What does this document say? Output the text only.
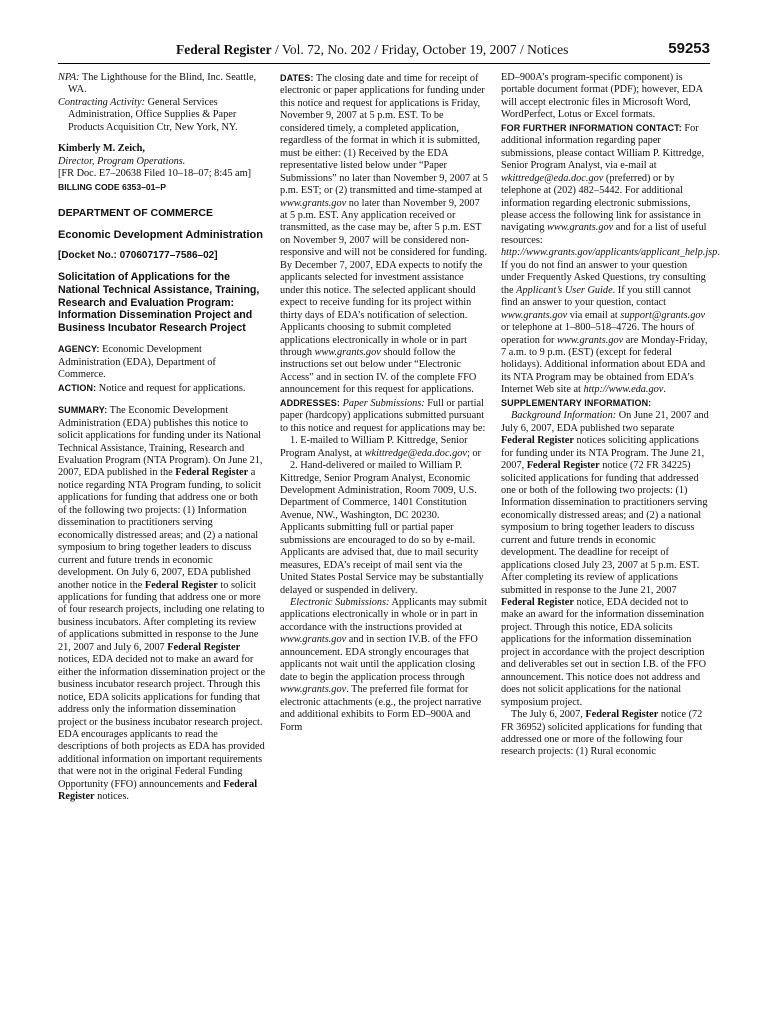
Federal Register / Vol. 72, No. 202 / Friday, October 19, 2007 / Notices	59253

NPA: The Lighthouse for the Blind, Inc. Seattle, WA.

Contracting Activity: General Services Administration, Office Supplies & Paper Products Acquisition Ctr, New York, NY.

Kimberly M. Zeich,

Director, Program Operations.

[FR Doc. E7–20638 Filed 10–18–07; 8:45 am]

BILLING CODE 6353–01–P

DEPARTMENT OF COMMERCE

Economic Development Administration

[Docket No.: 070607177–7586–02]

Solicitation of Applications for the National Technical Assistance, Training, Research and Evaluation Program: Information Dissemination Project and Business Incubator Research Project

AGENCY: Economic Development Administration (EDA), Department of Commerce.

ACTION: Notice and request for applications.

SUMMARY: The Economic Development Administration (EDA) publishes this notice to solicit applications for funding under its National Technical Assistance, Training, Research and Evaluation Program (NTA Program). On June 21, 2007, EDA published in the Federal Register a notice regarding NTA Program funding, to solicit applications for funding that address one or both of the following two projects: (1) Information dissemination to practitioners serving economically distressed areas; and (2) a national symposium to bring together leaders to discuss current and future trends in economic development. On July 6, 2007, EDA published another notice in the Federal Register to solicit applications for funding that address one or more of four research projects, including one relating to business incubators. After completing its review of applications submitted in response to the June 21, 2007 and July 6, 2007 Federal Register notices, EDA decided not to make an award for either the information dissemination project or the business incubator research project. Through this notice, EDA solicits applications for funding that address only the information dissemination project or the business incubator research project. EDA encourages applicants to read the descriptions of both projects as EDA has provided additional information on important requirements that were not in the original Federal Funding Opportunity (FFO) announcements and Federal Register notices.

DATES: The closing date and time for receipt of electronic or paper applications for funding under this notice and request for applications is Friday, November 9, 2007 at 5 p.m. EST. To be considered timely, a completed application, regardless of the format in which it is submitted, must be either: (1) Received by the EDA representative listed below under “Paper Submissions” no later than November 9, 2007 at 5 p.m. EST; or (2) transmitted and time-stamped at www.grants.gov no later than November 9, 2007 at 5 p.m. EST. Any application received or transmitted, as the case may be, after 5 p.m. EST on November 9, 2007 will be considered non-responsive and will not be considered for funding. By December 7, 2007, EDA expects to notify the applicants selected for investment assistance under this notice. The selected applicant should expect to receive funding for its project within thirty days of EDA’s notification of selection. Applicants choosing to submit completed applications electronically in whole or in part through www.grants.gov should follow the instructions set out below under “Electronic Access” and in section IV. of the complete FFO announcement for this request for applications.

ADDRESSES: Paper Submissions: Full or partial paper (hardcopy) applications submitted pursuant to this notice and request for applications may be:

1. E-mailed to William P. Kittredge, Senior Program Analyst, at wkittredge@eda.doc.gov; or

2. Hand-delivered or mailed to William P. Kittredge, Senior Program Analyst, Economic Development Administration, Room 7009, U.S. Department of Commerce, 1401 Constitution Avenue, NW., Washington, DC 20230.

Applicants submitting full or partial paper submissions are encouraged to do so by e-mail. Applicants are advised that, due to mail security measures, EDA’s receipt of mail sent via the United States Postal Service may be substantially delayed or suspended in delivery.

Electronic Submissions: Applicants may submit applications electronically in whole or in part in accordance with the instructions provided at www.grants.gov and in section IV.B. of the FFO announcement. EDA strongly encourages that applicants not wait until the application closing date to begin the application process through www.grants.gov. The preferred file format for electronic attachments (e.g., the project narrative and additional exhibits to Form ED–900A and Form

ED–900A’s program-specific component) is portable document format (PDF); however, EDA will accept electronic files in Microsoft Word, WordPerfect, Lotus or Excel formats.

FOR FURTHER INFORMATION CONTACT: For additional information regarding paper submissions, please contact William P. Kittredge, Senior Program Analyst, via e-mail at wkittredge@eda.doc.gov (preferred) or by telephone at (202) 482–5442. For additional information regarding electronic submissions, please access the following link for assistance in navigating www.grants.gov and for a list of useful resources: http://www.grants.gov/applicants/applicant_help.jsp. If you do not find an answer to your question under Frequently Asked Questions, try consulting the Applicant’s User Guide. If you still cannot find an answer to your question, contact www.grants.gov via email at support@grants.gov or telephone at 1–800–518–4726. The hours of operation for www.grants.gov are Monday-Friday, 7 a.m. to 9 p.m. (EST) (except for federal holidays). Additional information about EDA and its NTA Program may be obtained from EDA’s Internet Web site at http://www.eda.gov.

SUPPLEMENTARY INFORMATION:

Background Information: On June 21, 2007 and July 6, 2007, EDA published two separate Federal Register notices soliciting applications for funding under its NTA Program. The June 21, 2007, Federal Register notice (72 FR 34225) solicited applications for funding that addressed one or both of the following two projects: (1) Information dissemination to practitioners serving economically distressed areas; and (2) a national symposium to bring together leaders to discuss current and future trends in economic development. The deadline for receipt of applications closed July 23, 2007 at 5 p.m. EST. After completing its review of applications submitted in response to the June 21, 2007 Federal Register notice, EDA decided not to make an award for the information dissemination project. Through this notice, EDA solicits applications for the information dissemination project in accordance with the project description and deliverables set out in section I.B. of the FFO announcement. This notice does not address and does not solicit applications for the national symposium project.

The July 6, 2007, Federal Register notice (72 FR 36952) solicited applications for funding that addressed one or more of the following four research projects: (1) Rural economic
